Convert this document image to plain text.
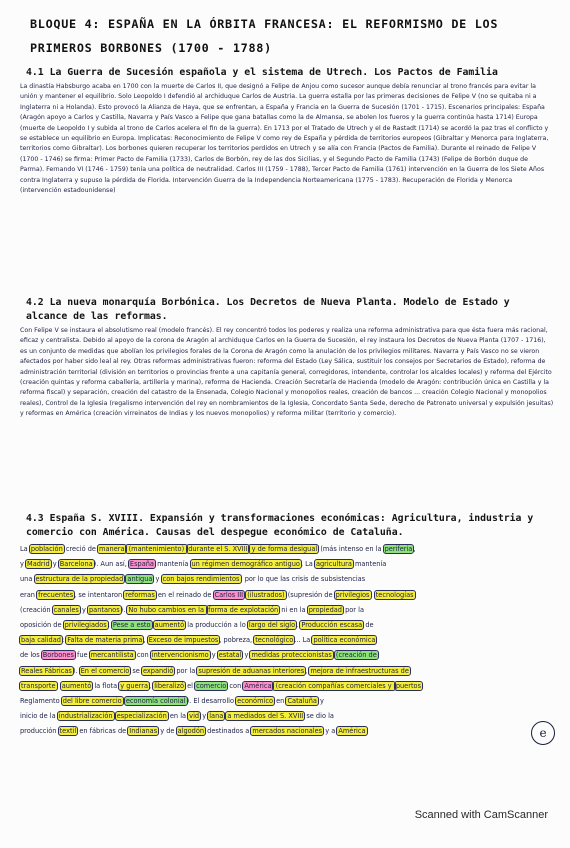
BLOQUE 4: ESPAÑA EN LA ÓRBITA FRANCESA: EL REFORMISMO DE LOS
PRIMEROS BORBONES (1700 - 1788)
4.1 La Guerra de Sucesión española y el sistema de Utrech. Los Pactos de Familia

La dinastía Habsburgo acaba en 1700 con la muerte de Carlos II, que designó a Felipe de Anjou como sucesor aunque debía renunciar al trono francés para evitar la unión y mantener el equilibrio. Solo Leopoldo I defendió al archiduque Carlos de Austria. La guerra estalla por las primeras decisiones de Felipe V (no se quitaba ni a Inglaterra ni a Holanda). Esto provocó la Alianza de Haya, que se enfrentan, a España y Francia en la Guerra de Sucesión (1701 - 1715). Escenarios principales: España (Aragón apoyo a Carlos y Castilla, Navarra y País Vasco a Felipe que gana batallas como la de Almansa, se abolen los fueros y la guerra continúa hasta 1714) Europa (muerte de Leopoldo I y subida al trono de Carlos acelera el fin de la guerra). En 1713 por el Tratado de Utrech y el de Rastadt (1714) se acordó la paz tras el conflicto y se establece un equilibrio en Europa. Implicatas: Reconocimiento de Felipe V como rey de España y pérdida de territorios europeos (Gibraltar y Menorca para Inglaterra, territorios como Gibraltar). Los borbones quieren recuperar los territorios perdidos en Utrech y se alía con Francia (Pactos de Familia). Durante el reinado de Felipe V (1700 - 1746) se firma: Primer Pacto de Familia (1733), Carlos de Borbón, rey de las dos Sicilias, y el Segundo Pacto de Familia (1743) (Felipe de Borbón duque de Parma). Fernando VI (1746 - 1759) tenía una política de neutralidad. Carlos III (1759 - 1788), Tercer Pacto de Familia (1761) intervención en la Guerra de los Siete Años contra Inglaterra y supuso la pérdida de Florida. Intervención Guerra de la Independencia Norteamericana (1775 - 1783). Recuperación de Florida y Menorca (intervención estadounidense)

4.2 La nueva monarquía Borbónica. Los Decretos de Nueva Planta. Modelo de Estado y alcance de las reformas.

Con Felipe V se instaura el absolutismo real (modelo francés). El rey concentró todos los poderes y realiza una reforma administrativa para que ésta fuera más racional, eficaz y centralista. Debido al apoyo de la corona de Aragón al archiduque Carlos en la Guerra de Sucesión, el rey instaura los Decretos de Nueva Planta (1707 - 1716), es un conjunto de medidas que abolían los privilegios forales de la Corona de Aragón como la anulación de los privilegios militares. Navarra y País Vasco no se vieron afectados por haber sido leal al rey. Otras reformas administrativas fueron: reforma del Estado (Ley Sálica, sustituir los consejos por Secretarios de Estado), reforma de administración territorial (división en territorios o provincias frente a una capitanía general, corregidores, intendente, controlar los alcaldes locales) y reforma del Ejército (creación quintas y reforma caballería, artillería y marina), reforma de Hacienda. Creación Secretaría de Hacienda (modelo de Aragón: contribución única en Castilla y la reforma fiscal) y separación, creación del catastro de la Ensenada, Colegio Nacional y monopolios reales, creación de bancos ... creación Colegio Nacional y monopolios reales), Control de la Iglesia (regalismo intervención del rey en nombramientos de la Iglesia, Concordato Santa Sede, derecho de Patronato universal y expulsión jesuitas) y reformas en América (creación virreinatos de Indias y los nuevos monopolios) y reforma militar (territorio y comercio).

4.3 España S. XVIII. Expansión y transformaciones económicas: Agricultura, industria y comercio con América. Causas del despegue económico de Cataluña.
La población creció de manera (mantenimiento) durante el S. XVIII y de forma desigual (más intenso en la periferia,
y Madrid y Barcelona). Aun así, España mantenía un régimen demográfico antiguo. La agricultura mantenía
una estructura de la propiedad antigua y con bajos rendimientos, por lo que las crisis de subsistencias
eran frecuentes, se intentaron reformas en el reinado de Carlos III (ilustrados) (supresión de privilegios, tecnologías
(creación canales y pantanos). No hubo cambios en la forma de explotación ni en la propiedad por la
oposición de privilegiados. Pese a esto aumentó la producción a lo largo del siglo. Producción escasa de
baja calidad: Falta de materia prima, Exceso de impuestos, pobreza, tecnológico... La política económica
de los Borbones fue mercantilista con intervencionismo y estatal y medidas proteccionistas (creación de
Reales Fábricas). En el comercio se expandió por la supresión de aduanas interiores, mejora de infraestructuras de
transporte, aumentó la flota y guerra, liberalizó el comercio con América (creación compañías comerciales y puertos
Reglamento del libre comercio economía colonial). El desarrollo económico en Cataluña y
inicio de la industrialización especialización en la vid y lana a mediados del S. XVIII se dio la
producción textil en fábricas de Indianas y de algodón destinados a mercados nacionales y a América.	e
Scanned with CamScanner
